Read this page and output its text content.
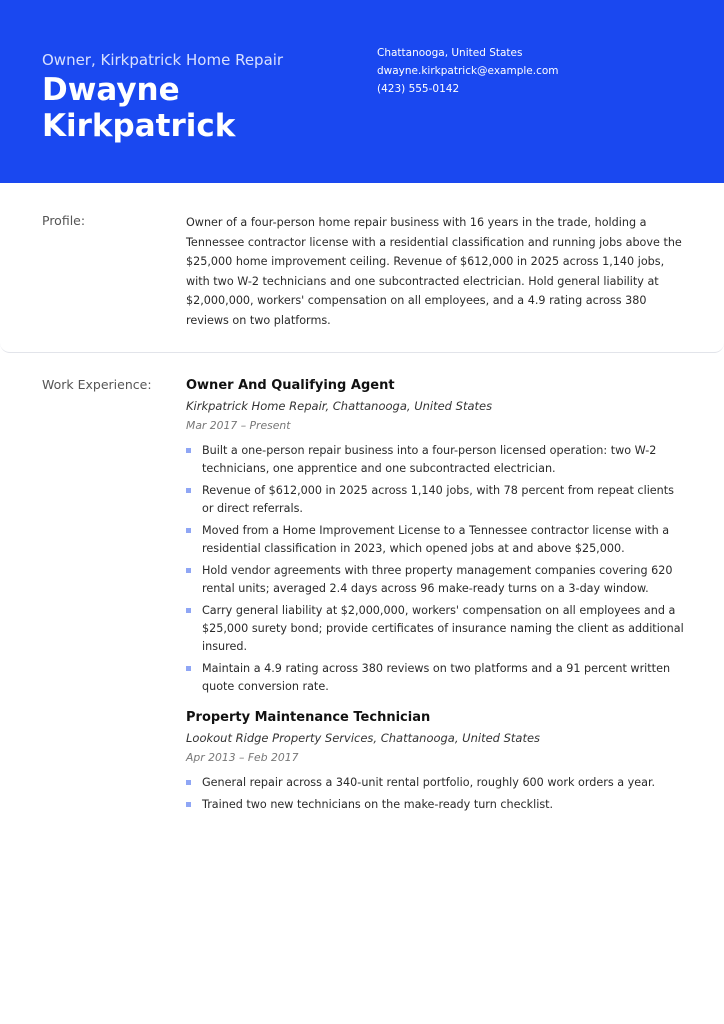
Owner, Kirkpatrick Home Repair
Dwayne Kirkpatrick
Chattanooga, United States
dwayne.kirkpatrick@example.com
(423) 555-0142
Profile:	Owner of a four-person home repair business with 16 years in the trade, holding a Tennessee contractor license with a residential classification and running jobs above the $25,000 home improvement ceiling. Revenue of $612,000 in 2025 across 1,140 jobs, with two W-2 technicians and one subcontracted electrician. Hold general liability at $2,000,000, workers' compensation on all employees, and a 4.9 rating across 380 reviews on two platforms.
Work Experience:	Owner And Qualifying Agent
Kirkpatrick Home Repair, Chattanooga, United States
Mar 2017 – Present
Built a one-person repair business into a four-person licensed operation: two W-2 technicians, one apprentice and one subcontracted electrician.
Revenue of $612,000 in 2025 across 1,140 jobs, with 78 percent from repeat clients or direct referrals.
Moved from a Home Improvement License to a Tennessee contractor license with a residential classification in 2023, which opened jobs at and above $25,000.
Hold vendor agreements with three property management companies covering 620 rental units; averaged 2.4 days across 96 make-ready turns on a 3-day window.
Carry general liability at $2,000,000, workers' compensation on all employees and a $25,000 surety bond; provide certificates of insurance naming the client as additional insured.
Maintain a 4.9 rating across 380 reviews on two platforms and a 91 percent written quote conversion rate.
Property Maintenance Technician
Lookout Ridge Property Services, Chattanooga, United States
Apr 2013 – Feb 2017
General repair across a 340-unit rental portfolio, roughly 600 work orders a year.
Trained two new technicians on the make-ready turn checklist.
